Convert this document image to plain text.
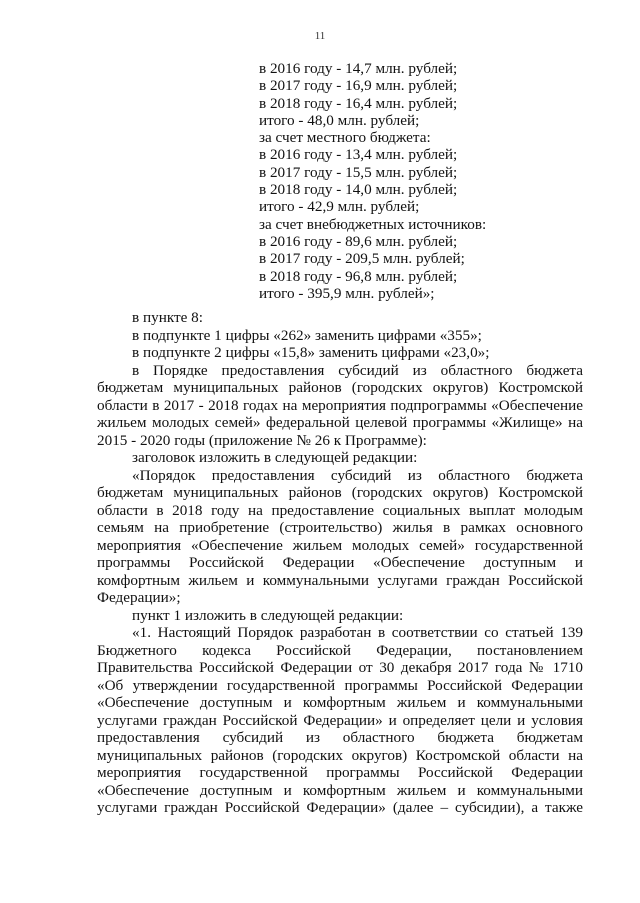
11
в 2016 году - 14,7 млн. рублей;
в 2017 году - 16,9 млн. рублей;
в 2018 году - 16,4 млн. рублей;
итого - 48,0 млн. рублей;
за счет местного бюджета:
в 2016 году - 13,4 млн. рублей;
в 2017 году - 15,5 млн. рублей;
в 2018 году - 14,0 млн. рублей;
итого - 42,9 млн. рублей;
за счет внебюджетных источников:
в 2016 году - 89,6 млн. рублей;
в 2017 году - 209,5 млн. рублей;
в 2018 году - 96,8 млн. рублей;
итого - 395,9 млн. рублей»;

в пункте 8:

в подпункте 1 цифры «262» заменить цифрами «355»;

в подпункте 2 цифры «15,8» заменить цифрами «23,0»;

в Порядке предоставления субсидий из областного бюджета бюджетам муниципальных районов (городских округов) Костромской области в 2017 - 2018 годах на мероприятия подпрограммы «Обеспечение жильем молодых семей» федеральной целевой программы «Жилище» на 2015 - 2020 годы (приложение № 26 к Программе):

заголовок изложить в следующей редакции:

«Порядок предоставления субсидий из областного бюджета бюджетам муниципальных районов (городских округов) Костромской области в 2018 году на предоставление социальных выплат молодым семьям на приобретение (строительство) жилья в рамках основного мероприятия «Обеспечение жильем молодых семей» государственной программы Российской Федерации «Обеспечение доступным и комфортным жильем и коммунальными услугами граждан Российской Федерации»;

пункт 1 изложить в следующей редакции:

«1. Настоящий Порядок разработан в соответствии со статьей 139 Бюджетного кодекса Российской Федерации, постановлением Правительства Российской Федерации от 30 декабря 2017 года № 1710 «Об утверждении государственной программы Российской Федерации «Обеспечение доступным и комфортным жильем и коммунальными услугами граждан Российской Федерации» и определяет цели и условия предоставления субсидий из областного бюджета бюджетам муниципальных районов (городских округов) Костромской области на мероприятия государственной программы Российской Федерации «Обеспечение доступным и комфортным жильем и коммунальными услугами граждан Российской Федерации» (далее – субсидии), а также
